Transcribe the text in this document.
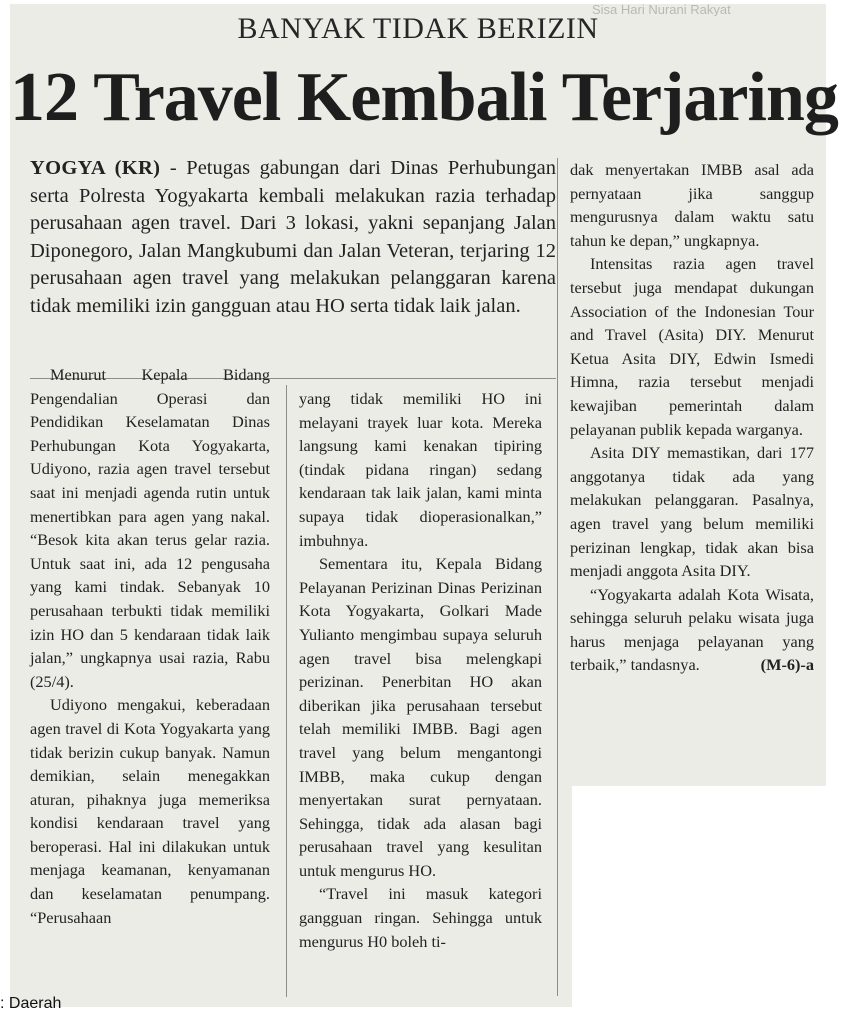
Sisa Hari Nurani Rakyat
BANYAK TIDAK BERIZIN
12 Travel Kembali Terjaring

YOGYA (KR) - Petugas gabungan dari Dinas Perhubungan serta Polresta Yogyakarta kembali melakukan razia terhadap perusahaan agen travel. Dari 3 lokasi, yakni sepanjang Jalan Diponegoro, Jalan Mangkubumi dan Jalan Veteran, terjaring 12 perusahaan agen travel yang melakukan pelanggaran karena tidak memiliki izin gangguan atau HO serta tidak laik jalan.

Menurut Kepala Bidang Pengendalian Operasi dan Pendidikan Keselamatan Dinas Perhubungan Kota Yogyakarta, Udiyono, razia agen travel tersebut saat ini menjadi agenda rutin untuk menertibkan para agen yang nakal. “Besok kita akan terus gelar razia. Untuk saat ini, ada 12 pengusaha yang kami tindak. Sebanyak 10 perusahaan terbukti tidak memiliki izin HO dan 5 kendaraan tidak laik jalan,” ungkapnya usai razia, Rabu (25/4).

Udiyono mengakui, keberadaan agen travel di Kota Yogyakarta yang tidak berizin cukup banyak. Namun demikian, selain menegakkan aturan, pihaknya juga memeriksa kondisi kendaraan travel yang beroperasi. Hal ini dilakukan untuk menjaga keamanan, kenyamanan dan keselamatan penumpang. “Perusahaan

yang tidak memiliki HO ini melayani trayek luar kota. Mereka langsung kami kenakan tipiring (tindak pidana ringan) sedang kendaraan tak laik jalan, kami minta supaya tidak dioperasionalkan,” imbuhnya.

Sementara itu, Kepala Bidang Pelayanan Perizinan Dinas Perizinan Kota Yogyakarta, Golkari Made Yulianto mengimbau supaya seluruh agen travel bisa melengkapi perizinan. Penerbitan HO akan diberikan jika perusahaan tersebut telah memiliki IMBB. Bagi agen travel yang belum mengantongi IMBB, maka cukup dengan menyertakan surat pernyataan. Sehingga, tidak ada alasan bagi perusahaan travel yang kesulitan untuk mengurus HO.

“Travel ini masuk kategori gangguan ringan. Sehingga untuk mengurus H0 boleh ti-

dak menyertakan IMBB asal ada pernyataan jika sanggup mengurusnya dalam waktu satu tahun ke depan,” ungkapnya.

Intensitas razia agen travel tersebut juga mendapat dukungan Association of the Indonesian Tour and Travel (Asita) DIY. Menurut Ketua Asita DIY, Edwin Ismedi Himna, razia tersebut menjadi kewajiban pemerintah dalam pelayanan publik kepada warganya.

Asita DIY memastikan, dari 177 anggotanya tidak ada yang melakukan pelanggaran. Pasalnya, agen travel yang belum memiliki perizinan lengkap, tidak akan bisa menjadi anggota Asita DIY.

“Yogyakarta adalah Kota Wisata, sehingga seluruh pelaku wisata juga harus menjaga pelayanan yang terbaik,” tandasnya.	(M-6)-a

: Daerah
